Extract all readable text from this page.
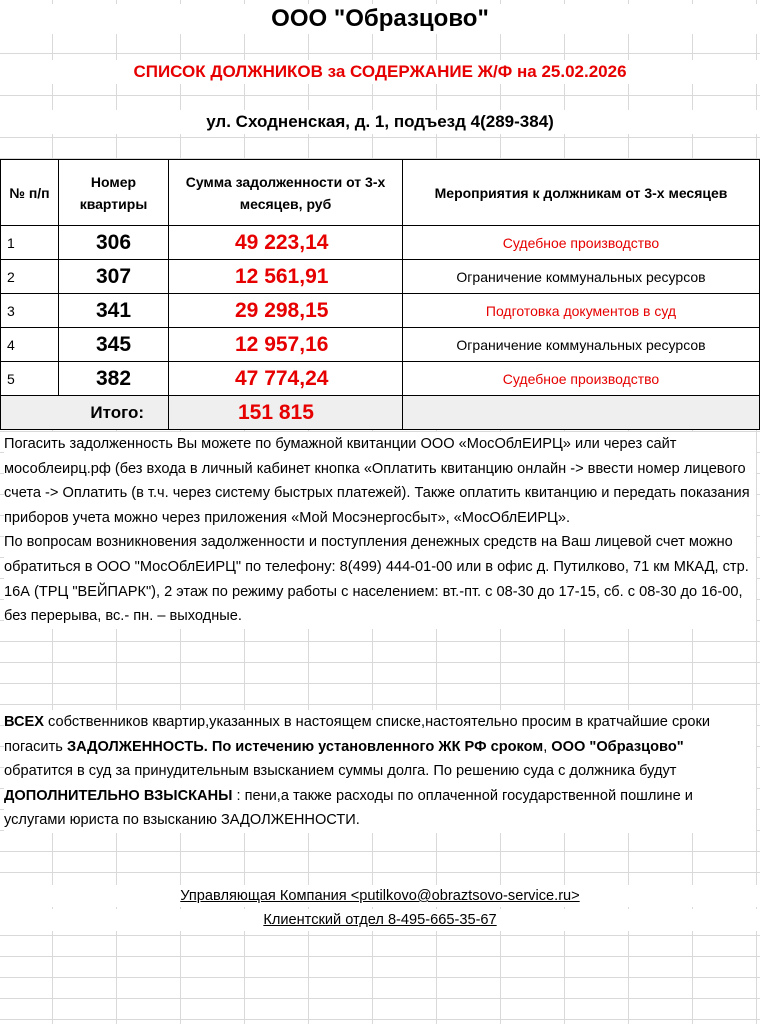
ООО "Образцово"
СПИСОК ДОЛЖНИКОВ за СОДЕРЖАНИЕ Ж/Ф на 25.02.2026
ул. Сходненская, д. 1, подъезд 4(289-384)
№ п/п	Номер квартиры	Сумма задолженности от 3-х месяцев, руб	Мероприятия к должникам от 3-х месяцев
1	306	49 223,14	Судебное производство
2	307	12 561,91	Ограничение коммунальных ресурсов
3	341	29 298,15	Подготовка документов в суд
4	345	12 957,16	Ограничение коммунальных ресурсов
5	382	47 774,24	Судебное производство
Итого:		151 815	
Погасить задолженность Вы можете по бумажной квитанции ООО «МосОблЕИРЦ» или через сайт мособлеирц.рф (без входа в личный кабинет кнопка «Оплатить квитанцию онлайн -> ввести номер лицевого счета -> Оплатить (в т.ч. через систему быстрых платежей). Также оплатить квитанцию и передать показания приборов учета можно через приложения «Мой Мосэнергосбыт», «МосОблЕИРЦ».
По вопросам возникновения задолженности и поступления денежных средств на Ваш лицевой счет можно обратиться в ООО "МосОблЕИРЦ" по телефону: 8(499) 444-01-00 или в офис д. Путилково, 71 км МКАД, стр. 16А (ТРЦ "ВЕЙПАРК"), 2 этаж по режиму работы с населением: вт.-пт. с 08-30 до 17-15, сб. с 08-30 до 16-00, без перерыва, вс.- пн. – выходные.
ВСЕХ собственников квартир,указанных в настоящем списке,настоятельно просим в кратчайшие сроки погасить ЗАДОЛЖЕННОСТЬ. По истечению установленного ЖК РФ сроком, ООО "Образцово" обратится в суд за принудительным взысканием суммы долга. По решению суда с должника будут ДОПОЛНИТЕЛЬНО ВЗЫСКАНЫ : пени,а также расходы по оплаченной государственной пошлине и услугами юриста по взысканию ЗАДОЛЖЕННОСТИ.
Управляющая Компания <putilkovo@obraztsovo-service.ru>
Клиентский отдел 8-495-665-35-67
